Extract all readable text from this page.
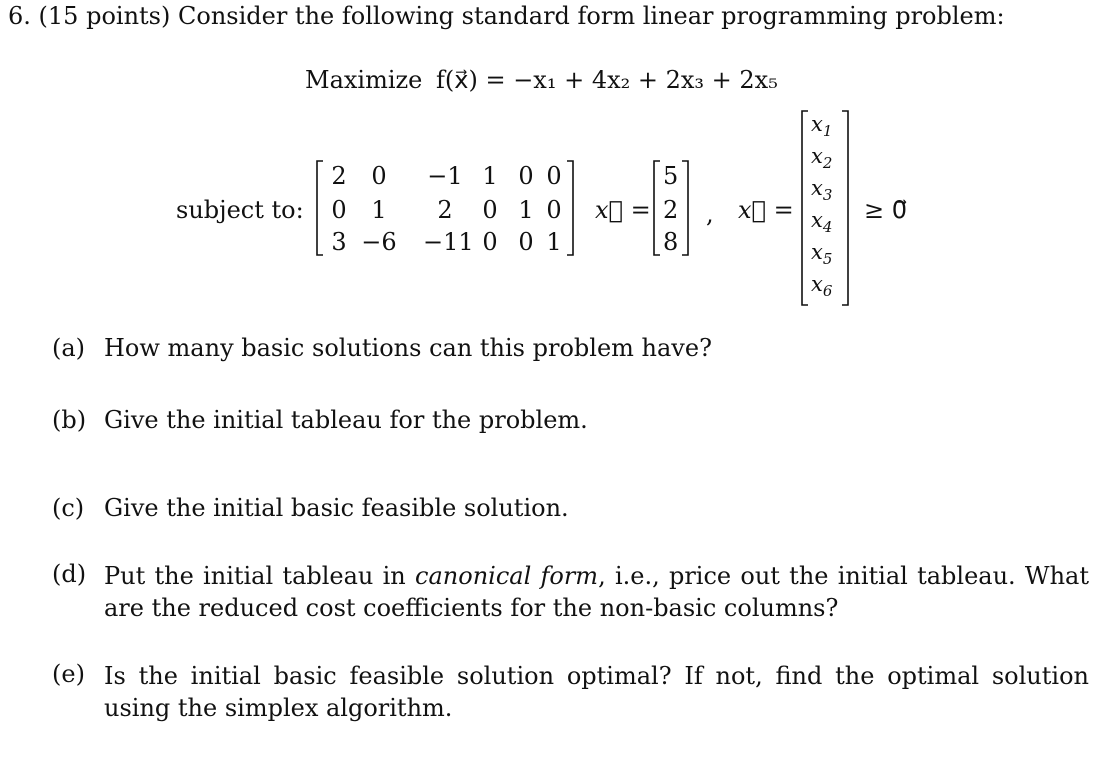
6. (15 points) Consider the following standard form linear programming problem:
Maximize f(x⃗) = −x₁ + 4x₂ + 2x₃ + 2x₅
subject to:
2	0	−1 1 0 0
0	1	2	0 1 0
3 −6 −11 0 0 1
x⃗ =
5
2
8
, x⃗ =
$x_1$
$x_2$
$x_3$
$x_4$
$x_5$
$x_6$
≥ 0⃗
(a) How many basic solutions can this problem have?
(b) Give the initial tableau for the problem.
(c) Give the initial basic feasible solution.
(d) Put the initial tableau in canonical form, i.e., price out the initial tableau. What are the reduced cost coefficients for the non-basic columns?
(e) Is the initial basic feasible solution optimal? If not, find the optimal solution using the simplex algorithm.
